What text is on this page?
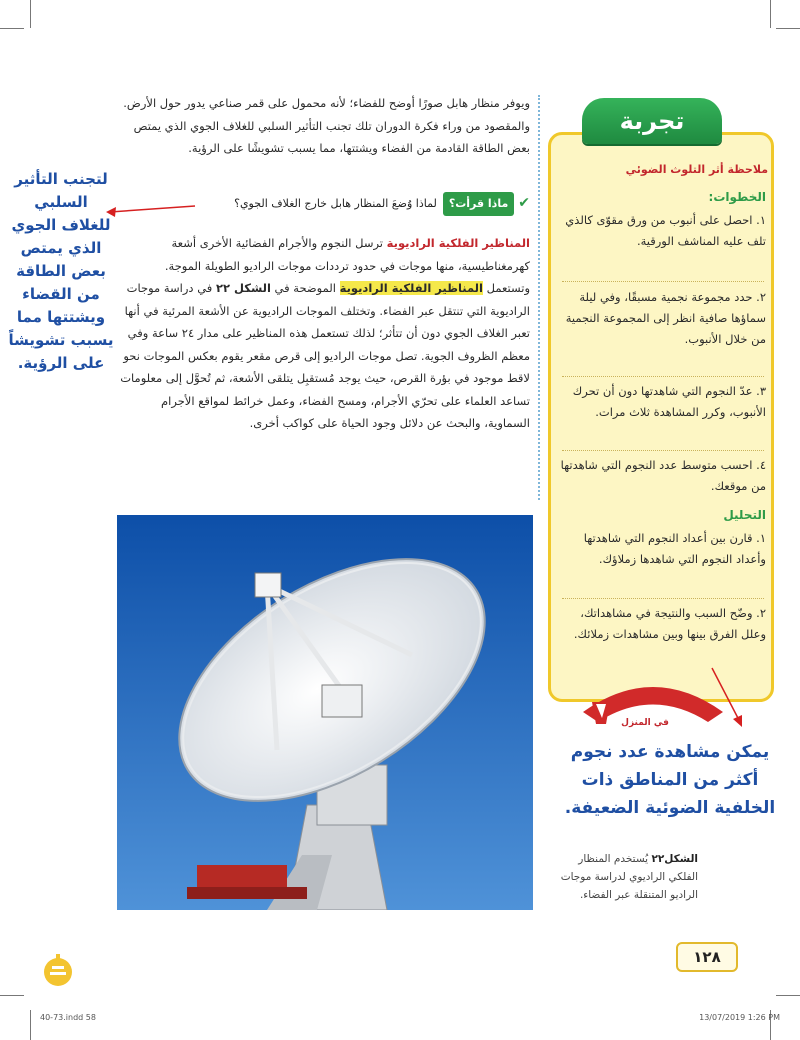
ويوفر منظار هابل صورًا أوضح للفضاء؛ لأنه محمول على قمر صناعي يدور حول الأرض. والمقصود من وراء فكرة الدوران تلك تجنب التأثير السلبي للغلاف الجوي الذي يمتص بعض الطاقة القادمة من الفضاء ويشتتها، مما يسبب تشويشًا على الرؤية.
✔ماذا قرأت؟لماذا وُضعَ المنظار هابل خارج الغلاف الجوي؟
المناظير الفلكية الراديوية ترسل النجوم والأجرام الفضائية الأخرى أشعة كهرمغناطيسية، منها موجات في حدود ترددات موجات الراديو الطويلة الموجة. وتستعمل المناظير الفلكية الراديوية الموضحة في الشكل ٢٢ في دراسة موجات الراديوية التي تنتقل عبر الفضاء. وتختلف الموجات الراديوية عن الأشعة المرئية في أنها تعبر الغلاف الجوي دون أن تتأثر؛ لذلك تستعمل هذه المناظير على مدار ٢٤ ساعة وفي معظم الظروف الجوية. تصل موجات الراديو إلى قرص مقعر يقوم بعكس الموجات نحو لاقط موجود في بؤرة القرص، حيث يوجد مُستقبِل يتلقى الأشعة، ثم تُحوَّل إلى معلومات تساعد العلماء على تحرّي الأجرام، ومسح الفضاء، وعمل خرائط لمواقع الأجرام السماوية، والبحث عن دلائل وجود الحياة على كواكب أخرى.
لتجنب التأثير السلبي للغلاف الجوي الذي يمتص بعض الطاقة من القضاء ويشتتها مما يسبب تشويشاً على الرؤية.
تجربة
ملاحظة أثر التلوث الضوئي
الخطوات:
١. احصل على أنبوب من ورق مقوّى كالذي تلف عليه المناشف الورقية.
٢. حدد مجموعة نجمية مسبقًا، وفي ليلة سماؤها صافية انظر إلى المجموعة النجمية من خلال الأنبوب.
٣. عدّ النجوم التي شاهدتها دون أن تحرك الأنبوب، وكرر المشاهدة ثلاث مرات.
٤. احسب متوسط عدد النجوم التي شاهدتها من موقعك.
التحليل
١. قارن بين أعداد النجوم التي شاهدتها وأعداد النجوم التي شاهدها زملاؤك.
٢. وضّح السبب والنتيجة في مشاهداتك، وعلل الفرق بينها وبين مشاهدات زملائك.
في المنزل
يمكن مشاهدة عدد نجوم أكثر من المناطق ذات الخلفية الضوئية الضعيفة.
الشكل٢٢ يُستخدم المنظار الفلكي الراديوي لدراسة موجات الراديو المتنقلة عبر الفضاء.
١٢٨
40-73.indd 58	13/07/2019 1:26 PM
